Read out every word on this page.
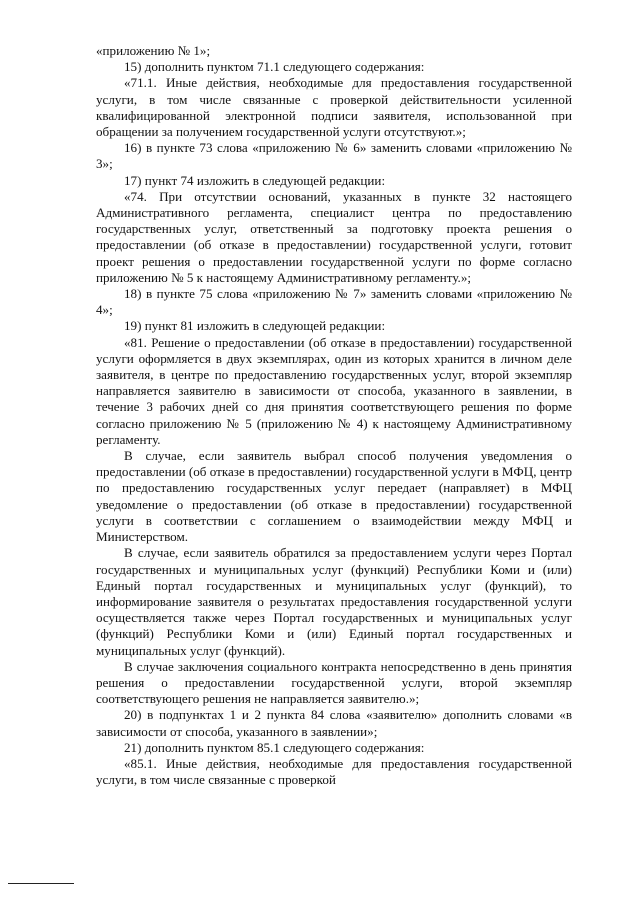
«приложению № 1»;

15) дополнить пунктом 71.1 следующего содержания:

«71.1. Иные действия, необходимые для предоставления государственной услуги, в том числе связанные с проверкой действительности усиленной квалифицированной электронной подписи заявителя, использованной при обращении за получением государственной услуги отсутствуют.»;

16) в пункте 73 слова «приложению № 6» заменить словами «приложению № 3»;

17) пункт 74 изложить в следующей редакции:

«74. При отсутствии оснований, указанных в пункте 32 настоящего Административного регламента, специалист центра по предоставлению государственных услуг, ответственный за подготовку проекта решения о предоставлении (об отказе в предоставлении) государственной услуги, готовит проект решения о предоставлении государственной услуги по форме согласно приложению № 5 к настоящему Административному регламенту.»;

18) в пункте 75 слова «приложению № 7» заменить словами «приложению № 4»;

19) пункт 81 изложить в следующей редакции:

«81. Решение о предоставлении (об отказе в предоставлении) государственной услуги оформляется в двух экземплярах, один из которых хранится в личном деле заявителя, в центре по предоставлению государственных услуг, второй экземпляр направляется заявителю в зависимости от способа, указанного в заявлении, в течение 3 рабочих дней со дня принятия соответствующего решения по форме согласно приложению № 5 (приложению № 4) к настоящему Административному регламенту.

В случае, если заявитель выбрал способ получения уведомления о предоставлении (об отказе в предоставлении) государственной услуги в МФЦ, центр по предоставлению государственных услуг передает (направляет) в МФЦ уведомление о предоставлении (об отказе в предоставлении) государственной услуги в соответствии с соглашением о взаимодействии между МФЦ и Министерством.

В случае, если заявитель обратился за предоставлением услуги через Портал государственных и муниципальных услуг (функций) Республики Коми и (или) Единый портал государственных и муниципальных услуг (функций), то информирование заявителя о результатах предоставления государственной услуги осуществляется также через Портал государственных и муниципальных услуг (функций) Республики Коми и (или) Единый портал государственных и муниципальных услуг (функций).

В случае заключения социального контракта непосредственно в день принятия решения о предоставлении государственной услуги, второй экземпляр соответствующего решения не направляется заявителю.»;

20) в подпунктах 1 и 2 пункта 84 слова «заявителю» дополнить словами «в зависимости от способа, указанного в заявлении»;

21) дополнить пунктом 85.1 следующего содержания:

«85.1. Иные действия, необходимые для предоставления государственной услуги, в том числе связанные с проверкой
